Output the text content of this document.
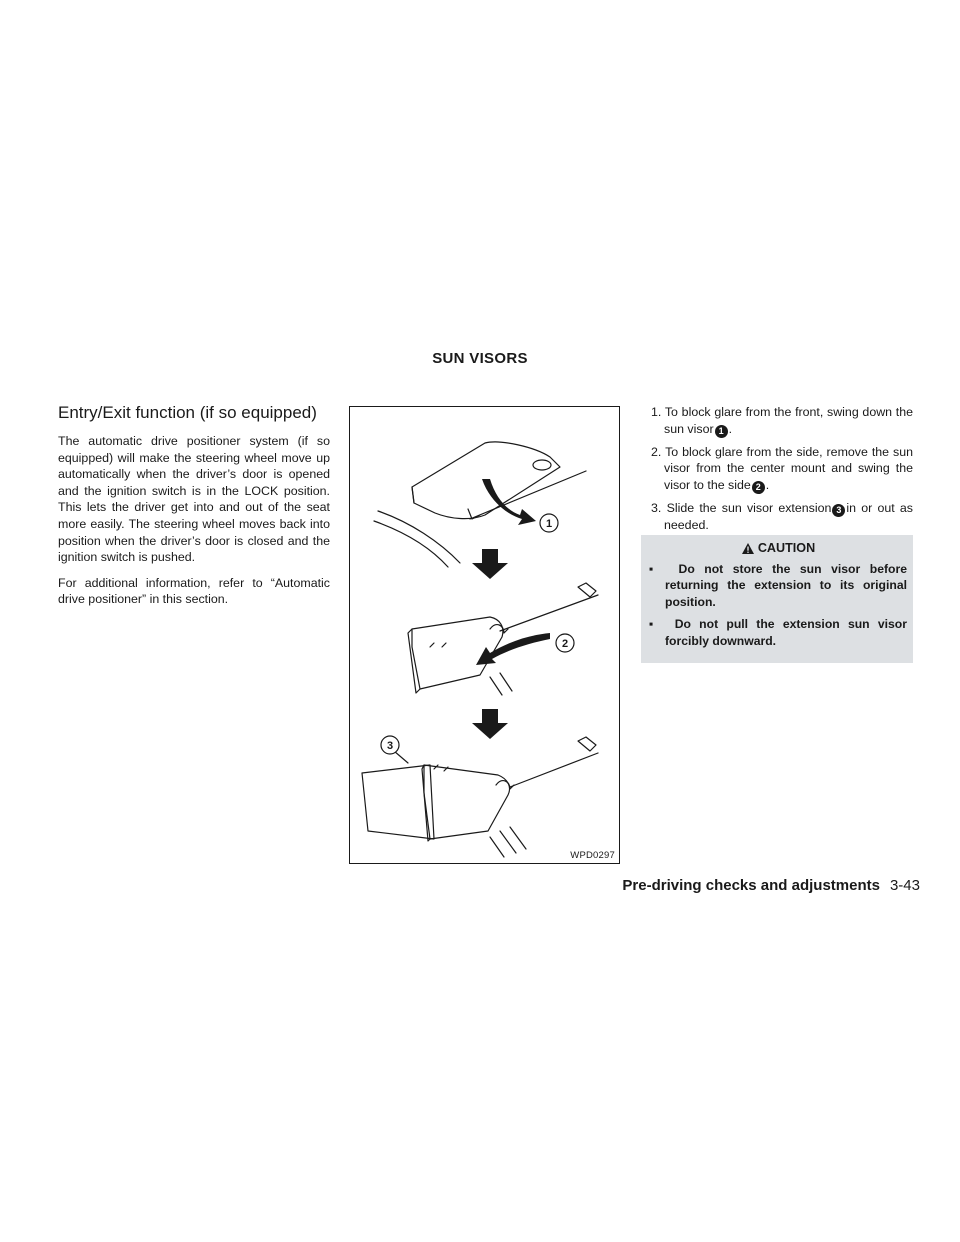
SUN VISORS
Entry/Exit function (if so equipped)

The automatic drive positioner system (if so equipped) will make the steering wheel move up automatically when the driver’s door is opened and the ignition switch is in the LOCK position. This lets the driver get into and out of the seat more easily. The steering wheel moves back into position when the driver’s door is closed and the ignition switch is pushed.

For additional information, refer to “Automatic drive positioner” in this section.

1
2
3
WPD0297

1. To block glare from the front, swing down the sun visor 1 .

2. To block glare from the side, remove the sun visor from the center mount and swing the visor to the side 2 .

3. Slide the sun visor extension 3 in or out as needed.

CAUTION
▪  Do not store the sun visor before returning the extension to its original position.
▪  Do not pull the extension sun visor forcibly downward.
Pre-driving checks and adjustments 3-43
